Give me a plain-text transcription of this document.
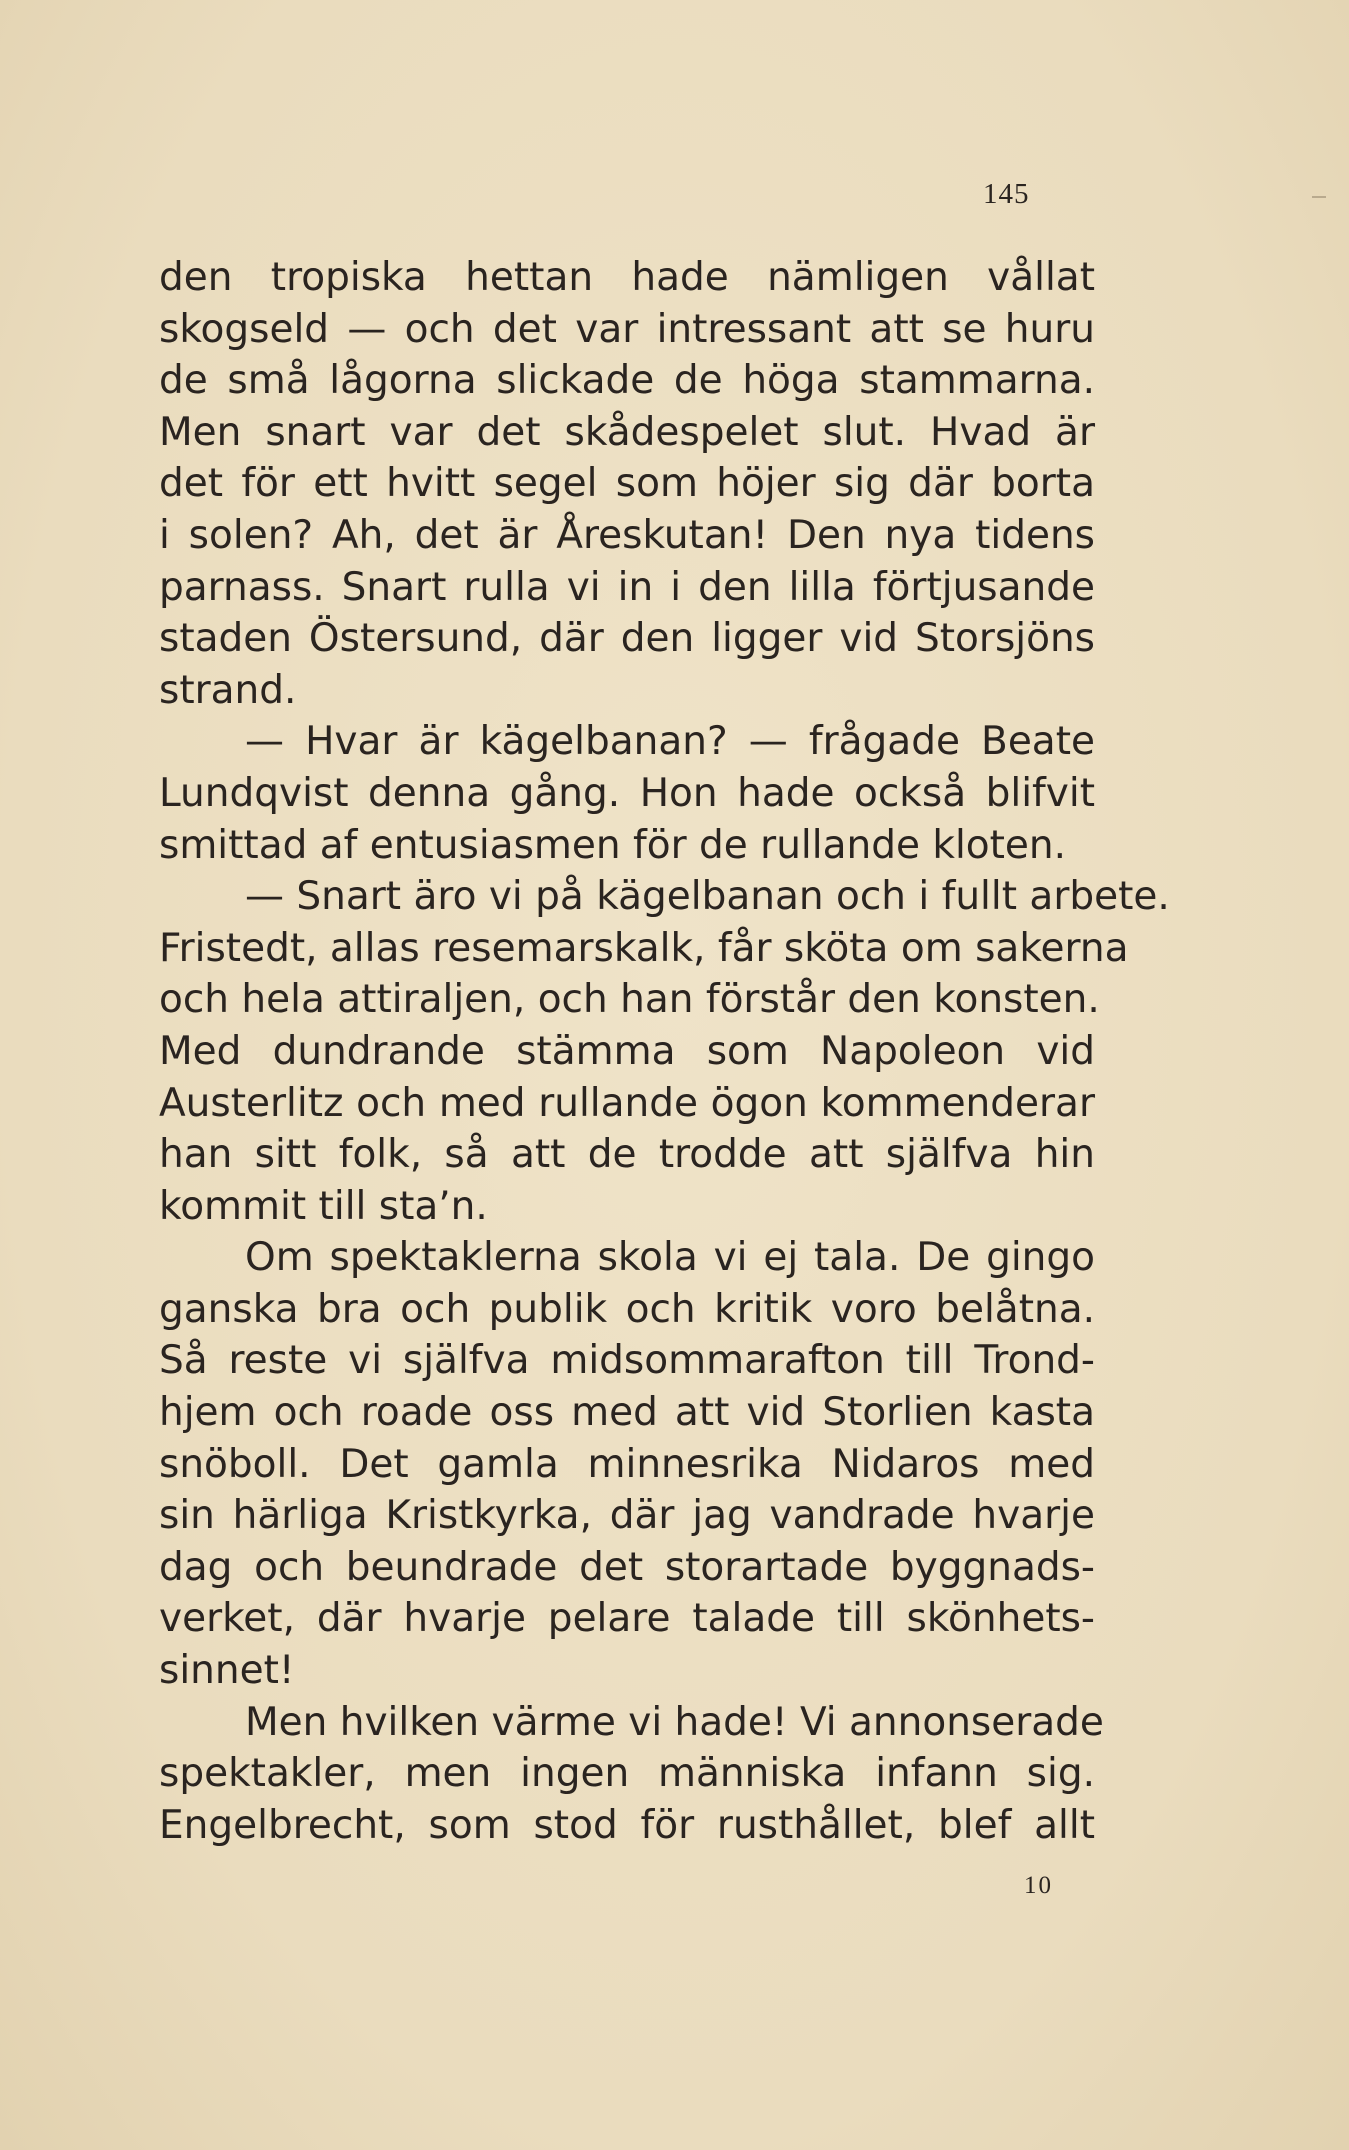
145
den tropiska hettan hade nämligen vållat
skogseld — och det var intressant att se huru
de små lågorna slickade de höga stammarna.
Men snart var det skådespelet slut. Hvad är
det för ett hvitt segel som höjer sig där borta
i solen? Ah, det är Åreskutan! Den nya tidens
parnass. Snart rulla vi in i den lilla förtjusande
staden Östersund, där den ligger vid Storsjöns
strand.
— Hvar är kägelbanan? — frågade Beate
Lundqvist denna gång. Hon hade också blifvit
smittad af entusiasmen för de rullande kloten.
— Snart äro vi på kägelbanan och i fullt arbete.
Fristedt, allas resemarskalk, får sköta om sakerna
och hela attiraljen, och han förstår den konsten.
Med dundrande stämma som Napoleon vid
Austerlitz och med rullande ögon kommenderar
han sitt folk, så att de trodde att själfva hin
kommit till sta’n.
Om spektaklerna skola vi ej tala. De gingo
ganska bra och publik och kritik voro belåtna.
Så reste vi själfva midsommarafton till Trond-
hjem och roade oss med att vid Storlien kasta
snöboll. Det gamla minnesrika Nidaros med
sin härliga Kristkyrka, där jag vandrade hvarje
dag och beundrade det storartade byggnads-
verket, där hvarje pelare talade till skönhets-
sinnet!
Men hvilken värme vi hade! Vi annonserade
spektakler, men ingen människa infann sig.
Engelbrecht, som stod för rusthållet, blef allt
10
